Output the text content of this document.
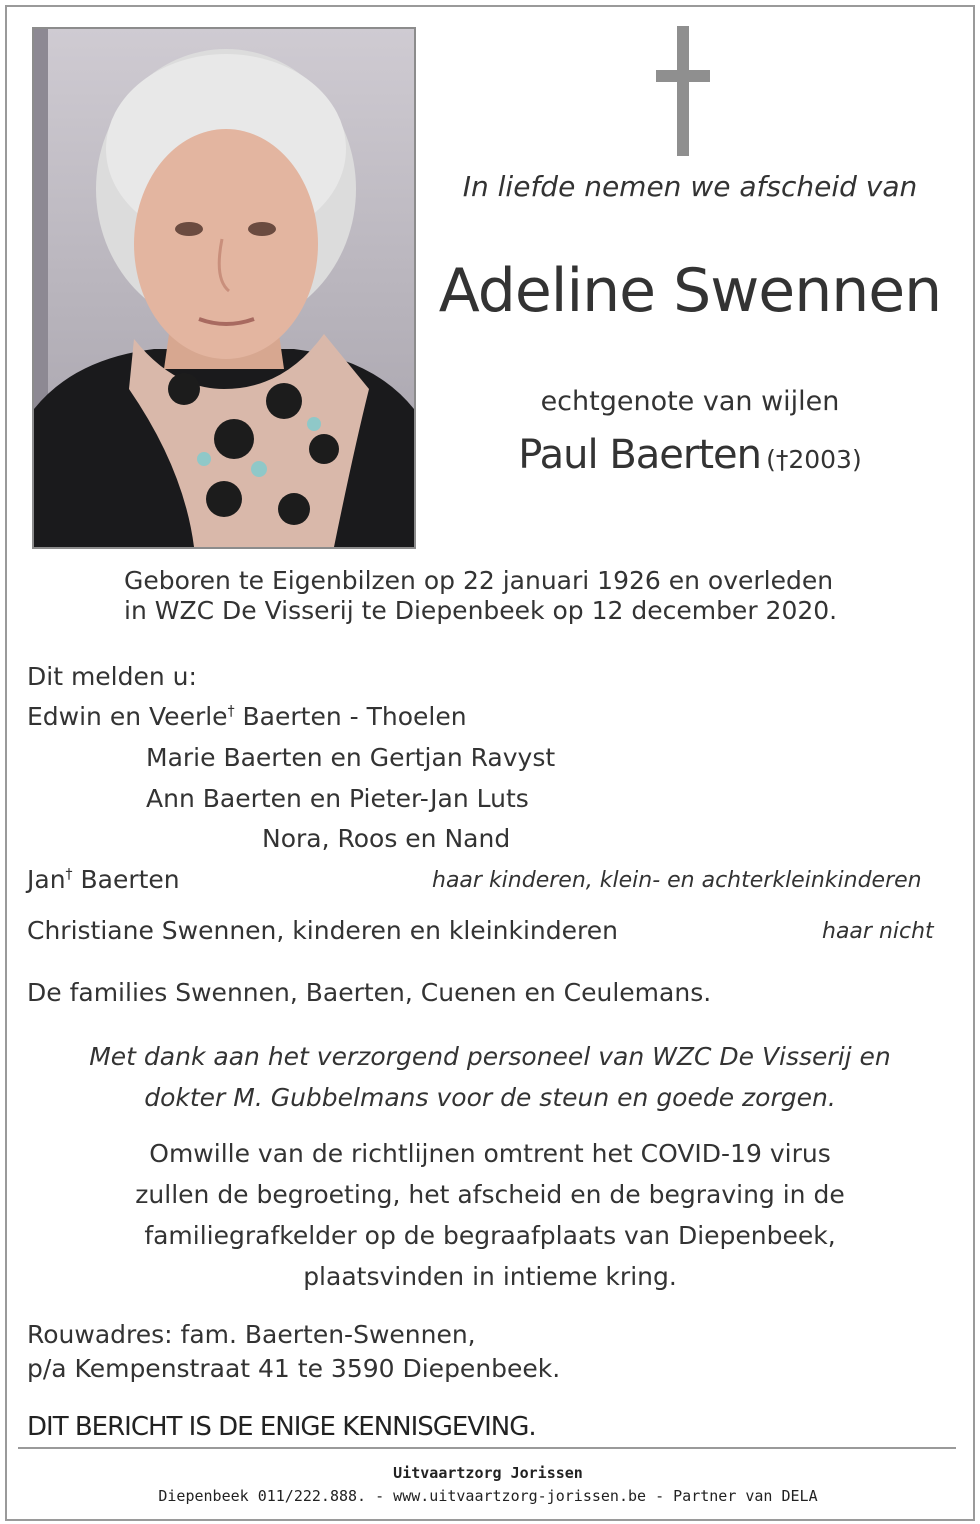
In liefde nemen we afscheid van
Adeline Swennen
echtgenote van wijlen
Paul Baerten (†2003)
Geboren te Eigenbilzen op 22 januari 1926 en overleden
in WZC De Visserij te Diepenbeek op 12 december 2020.
Dit melden u:
Edwin en Veerle† Baerten - Thoelen
Marie Baerten en Gertjan Ravyst
Ann Baerten en Pieter-Jan Luts
Nora, Roos en Nand
Jan† Baerten	haar kinderen, klein- en achterkleinkinderen
Christiane Swennen, kinderen en kleinkinderen	haar nicht
De families Swennen, Baerten, Cuenen en Ceulemans.
Met dank aan het verzorgend personeel van WZC De Visserij en
dokter M. Gubbelmans voor de steun en goede zorgen.
Omwille van de richtlijnen omtrent het COVID-19 virus
zullen de begroeting, het afscheid en de begraving in de
familiegrafkelder op de begraafplaats van Diepenbeek,
plaatsvinden in intieme kring.
Rouwadres: fam. Baerten-Swennen,
p/a Kempenstraat 41 te 3590 Diepenbeek.
DIT BERICHT IS DE ENIGE KENNISGEVING.
Uitvaartzorg Jorissen
Diepenbeek 011/222.888. - www.uitvaartzorg-jorissen.be - Partner van DELA
